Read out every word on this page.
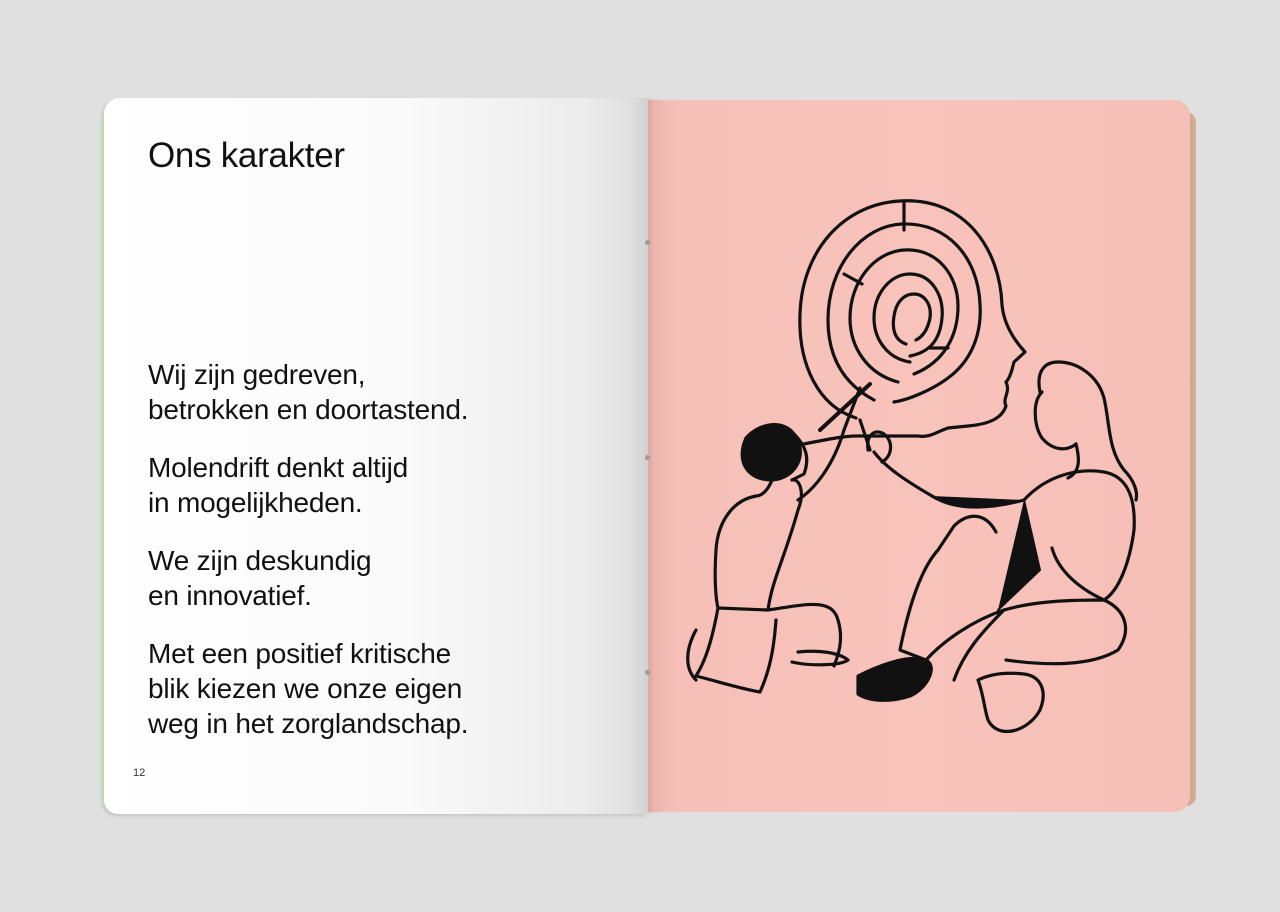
Ons karakter

Wij zijn gedreven,
betrokken en doortastend.

Molendrift denkt altijd
in mogelijkheden.

We zijn deskundig
en innovatief.

Met een positief kritische
blik kiezen we onze eigen
weg in het zorglandschap.

12
